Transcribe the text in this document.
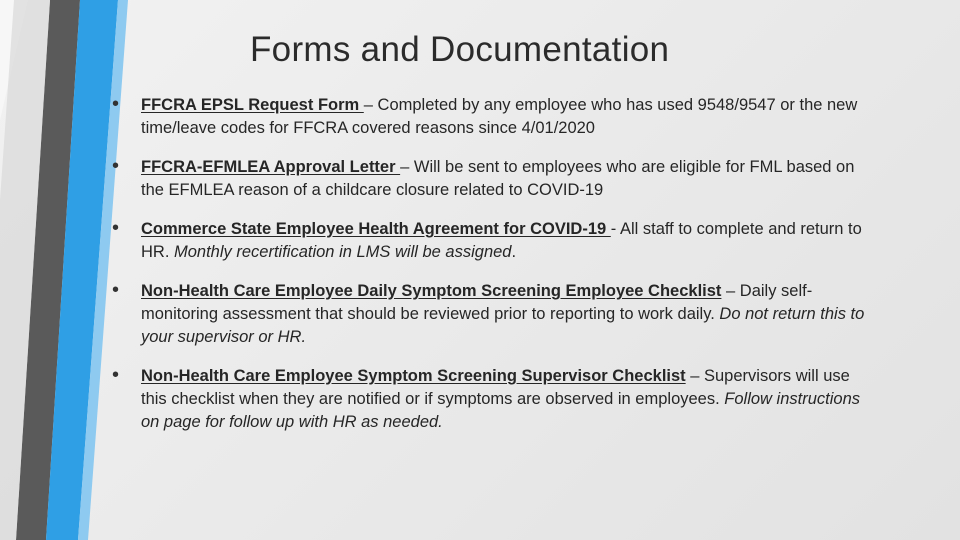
Forms and Documentation
• FFCRA EPSL Request Form – Completed by any employee who has used 9548/9547 or the new time/leave codes for FFCRA covered reasons since 4/01/2020
• FFCRA-EFMLEA Approval Letter – Will be sent to employees who are eligible for FML based on the EFMLEA reason of a childcare closure related to COVID-19
• Commerce State Employee Health Agreement for COVID-19 - All staff to complete and return to HR. Monthly recertification in LMS will be assigned.
• Non-Health Care Employee Daily Symptom Screening Employee Checklist – Daily self-monitoring assessment that should be reviewed prior to reporting to work daily. Do not return this to your supervisor or HR.
• Non-Health Care Employee Symptom Screening Supervisor Checklist – Supervisors will use this checklist when they are notified or if symptoms are observed in employees. Follow instructions on page for follow up with HR as needed.
